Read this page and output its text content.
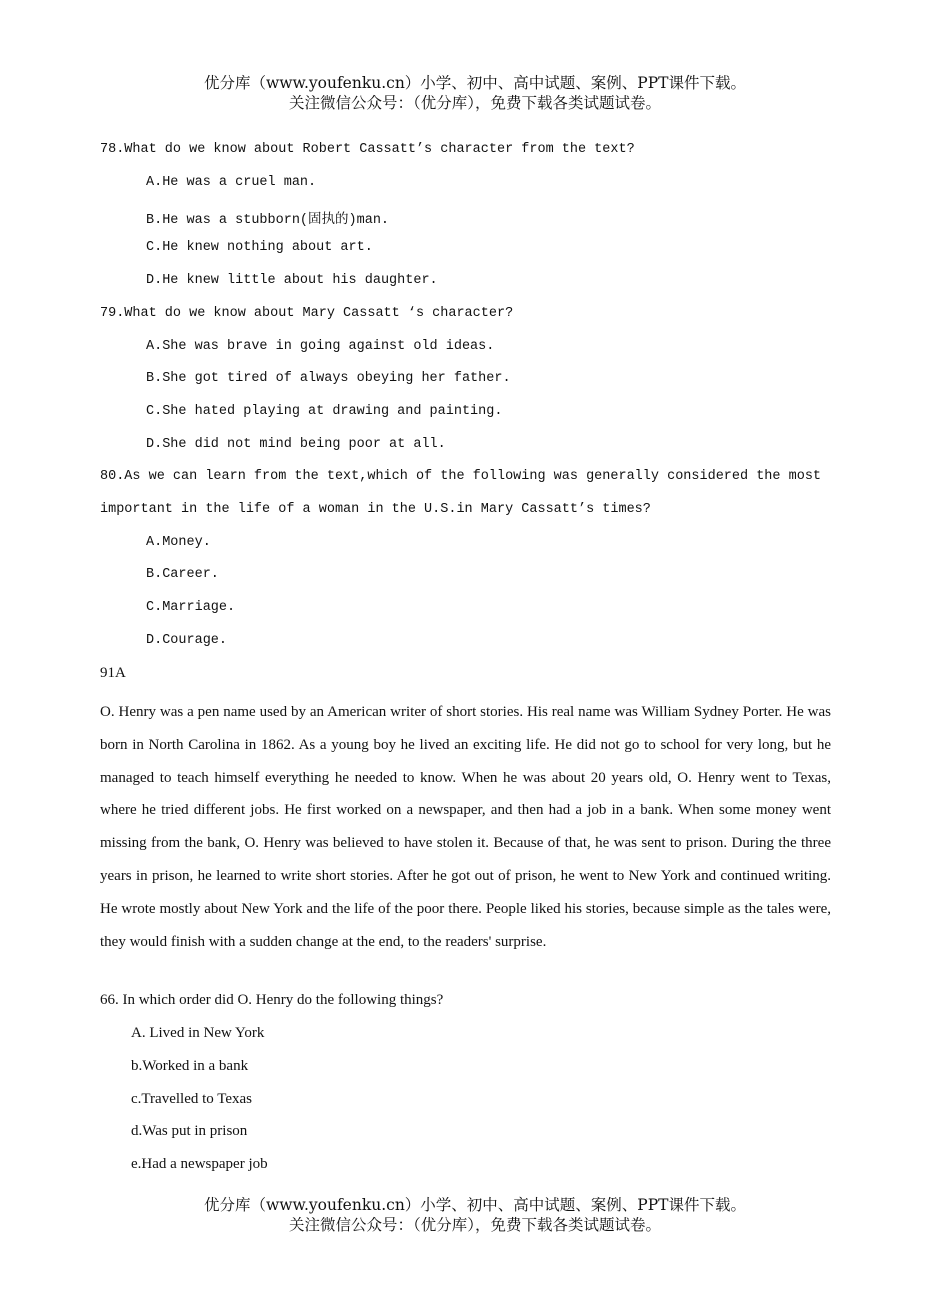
优分库（www.youfenku.cn）小学、初中、高中试题、案例、PPT课件下载。
关注微信公众号：（优分库），免费下载各类试题试卷。
78.What do we know about Robert Cassatt’s character from the text?
A.He was a cruel man.
B.He was a stubborn(固执的)man.
C.He knew nothing about art.
D.He knew little about his daughter.
79.What do we know about Mary Cassatt ‘s character?
A.She was brave in going against old ideas.
B.She got tired of always obeying her father.
C.She hated playing at drawing and painting.
D.She did not mind being poor at all.
80.As we can learn from the text,which of the following was generally considered the most
important in the life of a woman in the U.S.in Mary Cassatt’s times?
A.Money.
B.Career.
C.Marriage.
D.Courage.
91A
O. Henry was a pen name used by an American writer of short stories. His real name was William Sydney Porter. He was born in North Carolina in 1862. As a young boy he lived an exciting life. He did not go to school for very long, but he managed to teach himself everything he needed to know. When he was about 20 years old, O. Henry went to Texas, where he tried different jobs. He first worked on a newspaper, and then had a job in a bank. When some money went missing from the bank, O. Henry was believed to have stolen it. Because of that, he was sent to prison. During the three years in prison, he learned to write short stories. After he got out of prison, he went to New York and continued writing. He wrote mostly about New York and the life of the poor there. People liked his stories, because simple as the tales were, they would finish with a sudden change at the end, to the readers' surprise.
66. In which order did O. Henry do the following things?
A. Lived in New York
b.Worked in a bank
c.Travelled to Texas
d.Was put in prison
e.Had a newspaper job
优分库（www.youfenku.cn）小学、初中、高中试题、案例、PPT课件下载。
关注微信公众号：（优分库），免费下载各类试题试卷。
